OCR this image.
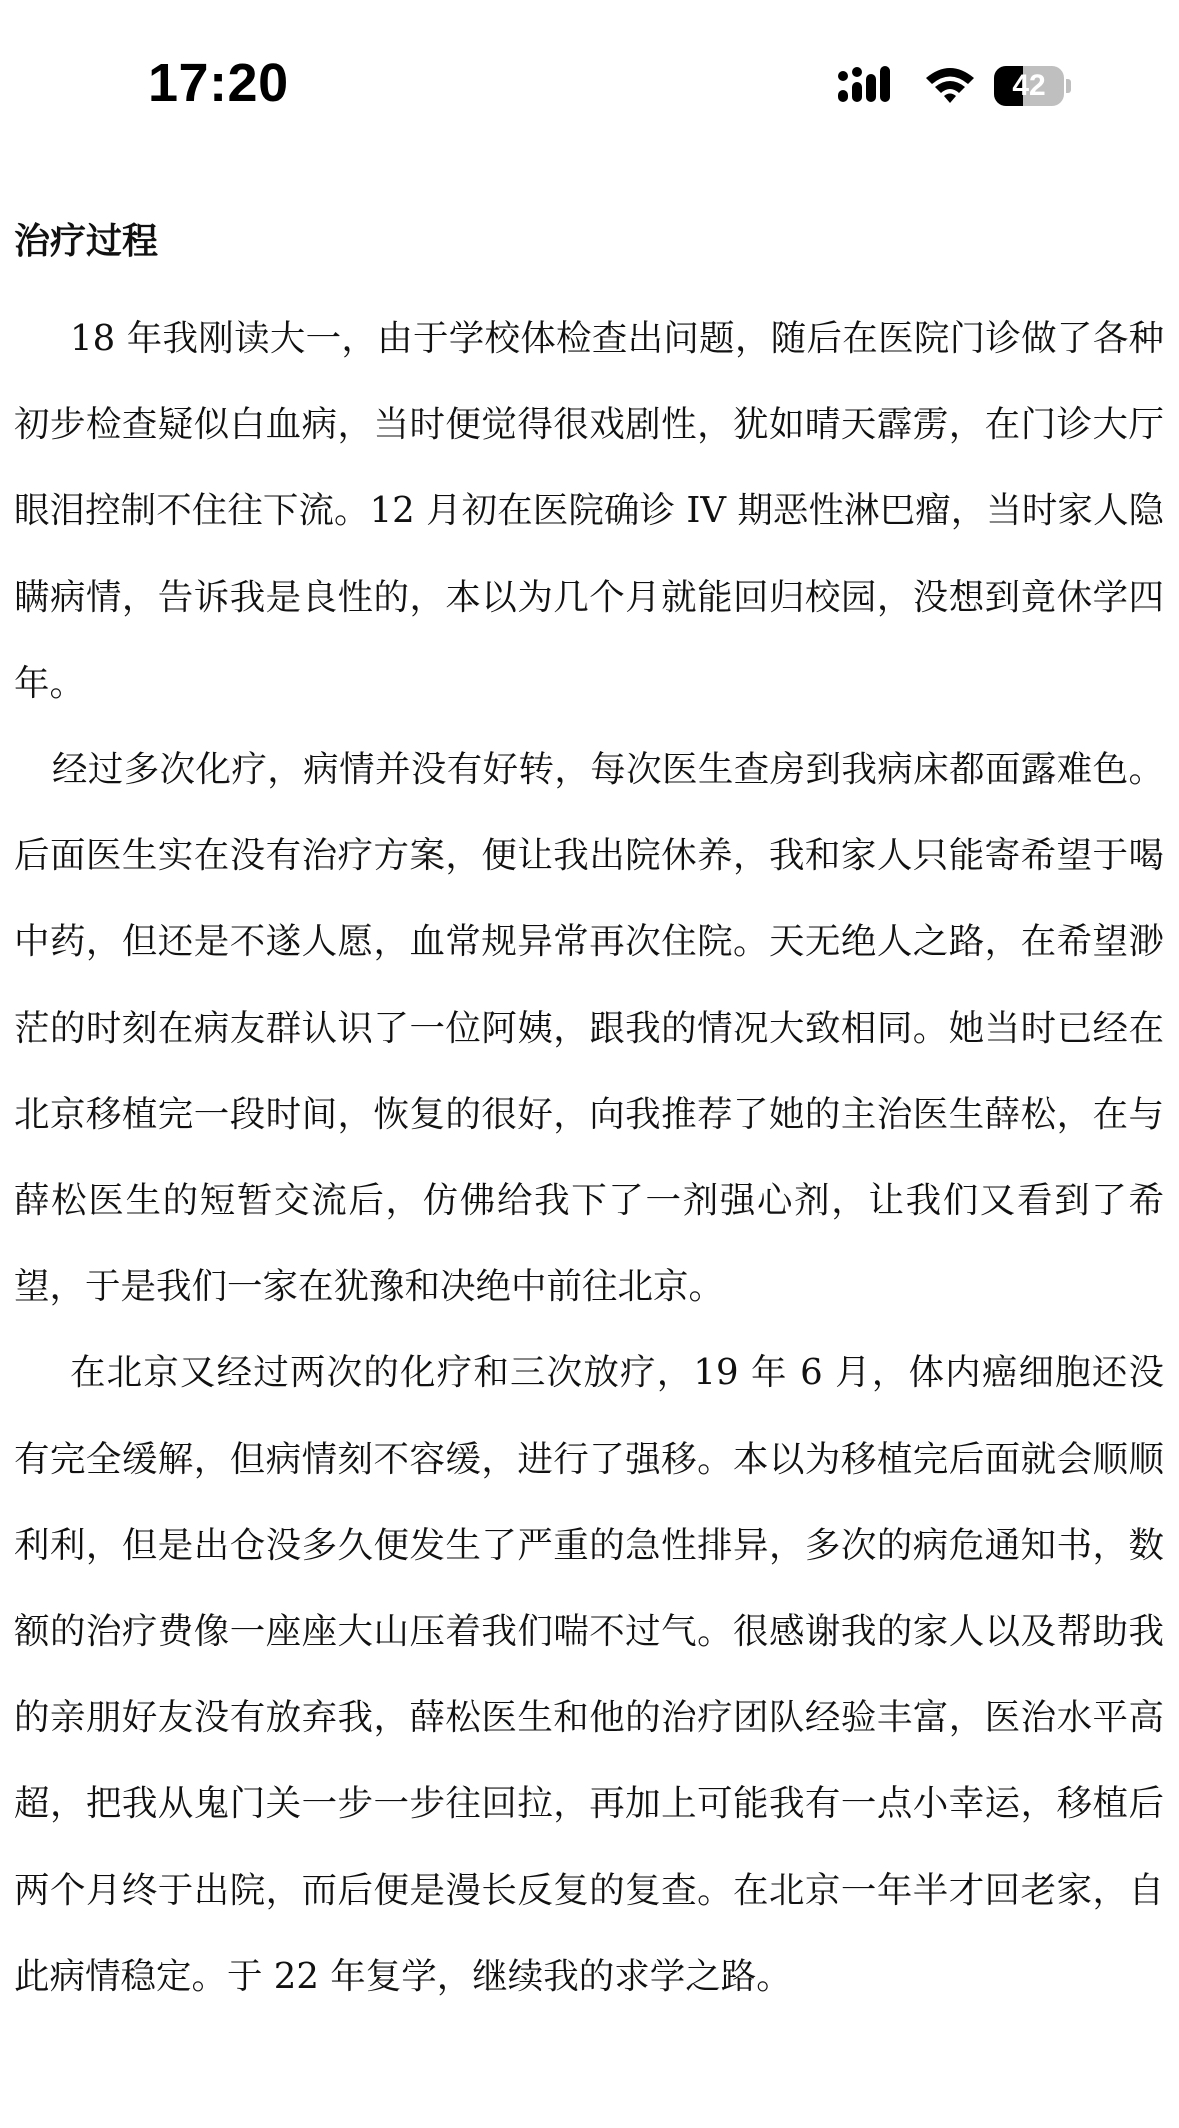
17:20	42
治疗过程

18 年我刚读大一，由于学校体检查出问题，随后在医院门诊做了各种初步检查疑似白血病，当时便觉得很戏剧性，犹如晴天霹雳，在门诊大厅眼泪控制不住往下流。12 月初在医院确诊 IV 期恶性淋巴瘤，当时家人隐瞒病情，告诉我是良性的，本以为几个月就能回归校园，没想到竟休学四年。

经过多次化疗，病情并没有好转，每次医生查房到我病床都面露难色。后面医生实在没有治疗方案，便让我出院休养，我和家人只能寄希望于喝中药，但还是不遂人愿，血常规异常再次住院。天无绝人之路，在希望渺茫的时刻在病友群认识了一位阿姨，跟我的情况大致相同。她当时已经在北京移植完一段时间，恢复的很好，向我推荐了她的主治医生薛松，在与薛松医生的短暂交流后，仿佛给我下了一剂强心剂，让我们又看到了希望，于是我们一家在犹豫和决绝中前往北京。

在北京又经过两次的化疗和三次放疗，19 年 6 月，体内癌细胞还没有完全缓解，但病情刻不容缓，进行了强移。本以为移植完后面就会顺顺利利，但是出仓没多久便发生了严重的急性排异，多次的病危通知书，数额的治疗费像一座座大山压着我们喘不过气。很感谢我的家人以及帮助我的亲朋好友没有放弃我，薛松医生和他的治疗团队经验丰富，医治水平高超，把我从鬼门关一步一步往回拉，再加上可能我有一点小幸运，移植后两个月终于出院，而后便是漫长反复的复查。在北京一年半才回老家，自此病情稳定。于 22 年复学，继续我的求学之路。
